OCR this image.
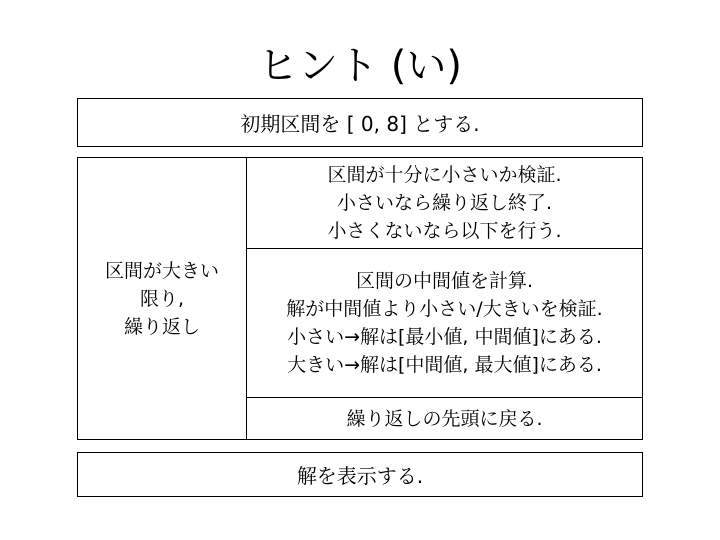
ヒント (い)
初期区間を [ 0, 8] とする.
区間が大きい
限り,
繰り返し
区間が十分に小さいか検証.
小さいなら繰り返し終了.
小さくないなら以下を行う.
区間の中間値を計算.
解が中間値より小さい/大きいを検証.
小さい→解は[最小値, 中間値]にある.
大きい→解は[中間値, 最大値]にある.
繰り返しの先頭に戻る.
解を表示する.
